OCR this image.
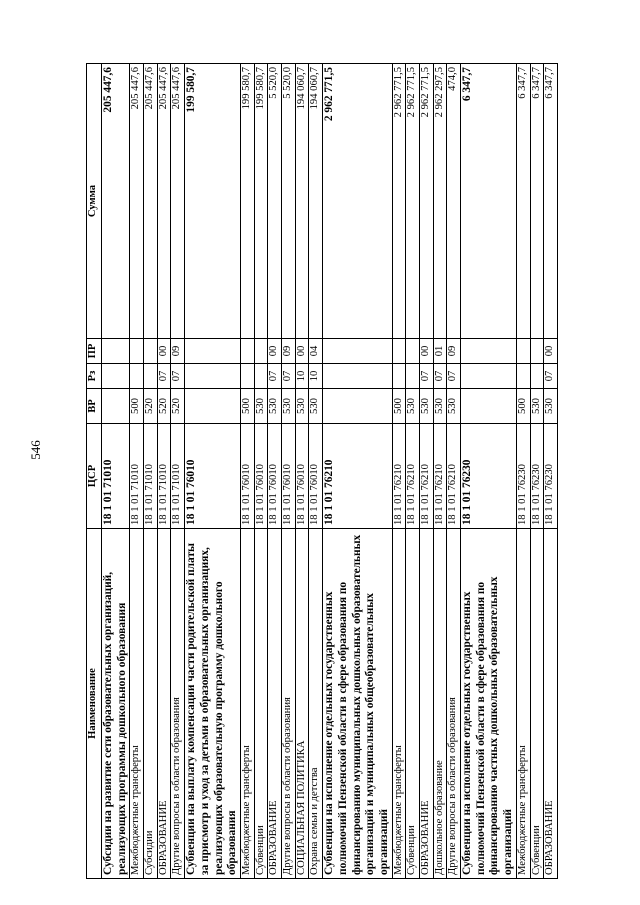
546
Наименование	ЦСР	ВР	Рз	ПР	Сумма
Субсидии на развитие сети образовательных организаций, реализующих программы дошкольного образования	18 1 01 71010				205 447,6
Межбюджетные трансферты	18 1 01 71010	500			205 447,6
Субсидии	18 1 01 71010	520			205 447,6
ОБРАЗОВАНИЕ	18 1 01 71010	520	07	00	205 447,6
Другие вопросы в области образования	18 1 01 71010	520	07	09	205 447,6
Субвенции на выплату компенсации части родительской платы за присмотр и уход за детьми в образовательных организациях, реализующих образовательную программу дошкольного образования	18 1 01 76010				199 580,7
Межбюджетные трансферты	18 1 01 76010	500			199 580,7
Субвенции	18 1 01 76010	530			199 580,7
ОБРАЗОВАНИЕ	18 1 01 76010	530	07	00	5 520,0
Другие вопросы в области образования	18 1 01 76010	530	07	09	5 520,0
СОЦИАЛЬНАЯ ПОЛИТИКА	18 1 01 76010	530	10	00	194 060,7
Охрана семьи и детства	18 1 01 76010	530	10	04	194 060,7
Субвенции на исполнение отдельных государственных полномочий Пензенской области в сфере образования по финансированию муниципальных дошкольных образовательных организаций и муниципальных общеобразовательных организаций	18 1 01 76210				2 962 771,5
Межбюджетные трансферты	18 1 01 76210	500			2 962 771,5
Субвенции	18 1 01 76210	530			2 962 771,5
ОБРАЗОВАНИЕ	18 1 01 76210	530	07	00	2 962 771,5
Дошкольное образование	18 1 01 76210	530	07	01	2 962 297,5
Другие вопросы в области образования	18 1 01 76210	530	07	09	474,0
Субвенции на исполнение отдельных государственных полномочий Пензенской области в сфере образования по финансированию частных дошкольных образовательных организаций	18 1 01 76230				6 347,7
Межбюджетные трансферты	18 1 01 76230	500			6 347,7
Субвенции	18 1 01 76230	530			6 347,7
ОБРАЗОВАНИЕ	18 1 01 76230	530	07	00	6 347,7
